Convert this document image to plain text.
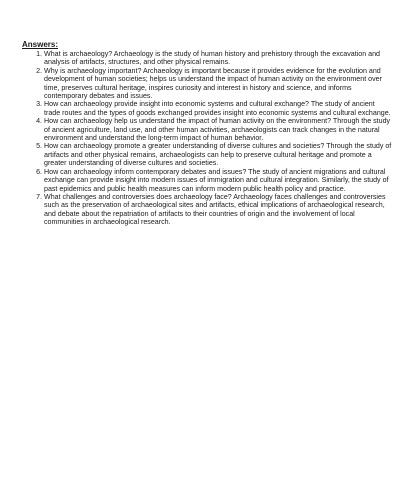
Answers:
1. What is archaeology? Archaeology is the study of human history and prehistory through the excavation and analysis of artifacts, structures, and other physical remains.
2. Why is archaeology important? Archaeology is important because it provides evidence for the evolution and development of human societies; helps us understand the impact of human activity on the environment over time, preserves cultural heritage, inspires curiosity and interest in history and science, and informs contemporary debates and issues.
3. How can archaeology provide insight into economic systems and cultural exchange? The study of ancient trade routes and the types of goods exchanged provides insight into economic systems and cultural exchange.
4. How can archaeology help us understand the impact of human activity on the environment? Through the study of ancient agriculture, land use, and other human activities, archaeologists can track changes in the natural environment and understand the long-term impact of human behavior.
5. How can archaeology promote a greater understanding of diverse cultures and societies? Through the study of artifacts and other physical remains, archaeologists can help to preserve cultural heritage and promote a greater understanding of diverse cultures and societies.
6. How can archaeology inform contemporary debates and issues? The study of ancient migrations and cultural exchange can provide insight into modern issues of immigration and cultural integration. Similarly, the study of past epidemics and public health measures can inform modern public health policy and practice.
7. What challenges and controversies does archaeology face? Archaeology faces challenges and controversies such as the preservation of archaeological sites and artifacts, ethical implications of archaeological research, and debate about the repatriation of artifacts to their countries of origin and the involvement of local communities in archaeological research.
